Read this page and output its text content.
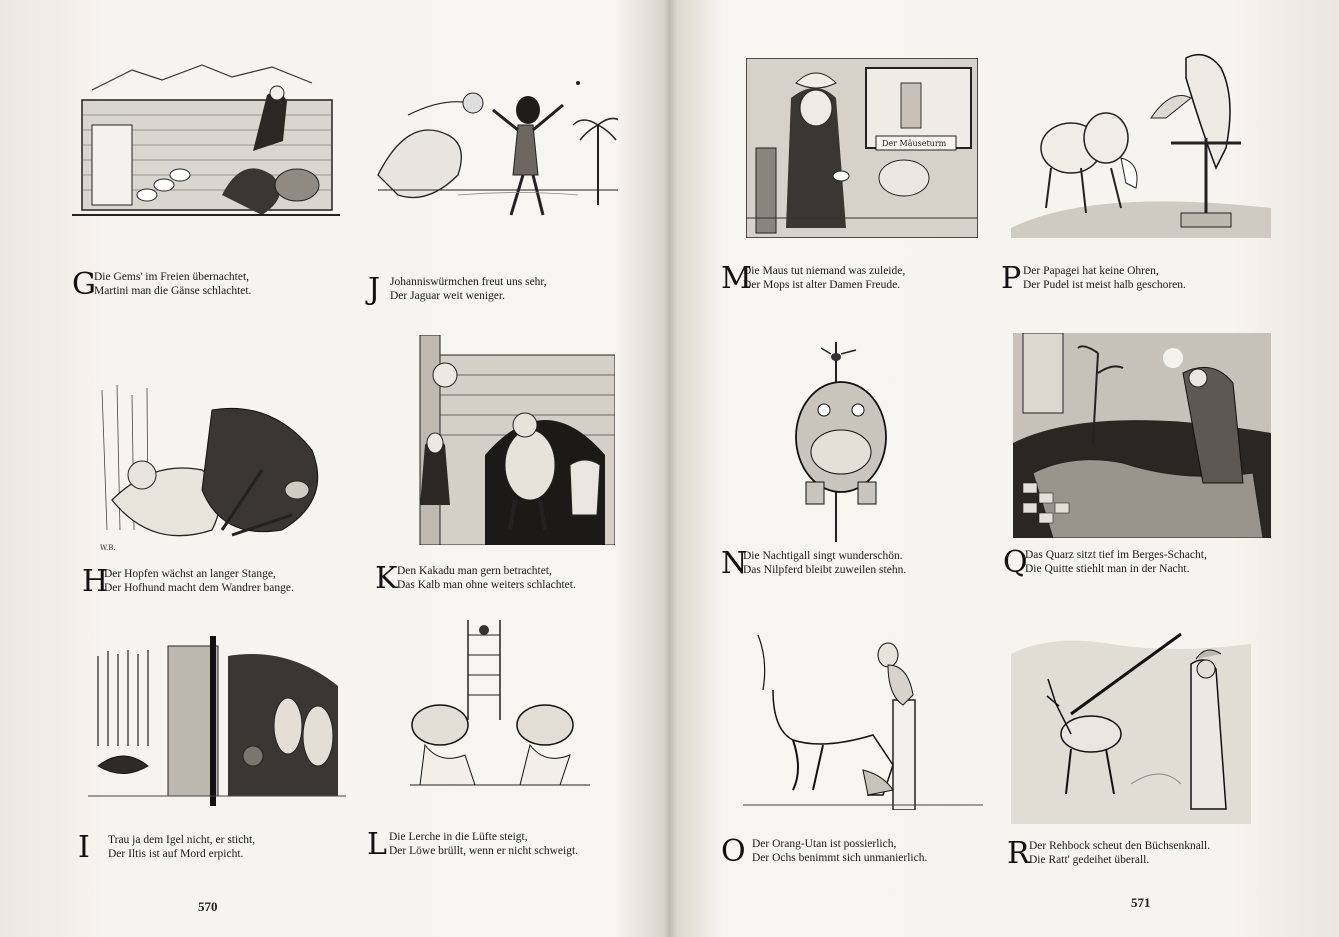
G
Die Gems' im Freien übernachtet,
Martini man die Gänse schlachtet.	J Johanniswürmchen freut uns sehr,
Der Jaguar weit weniger.
W.B.
H
Der Hopfen wächst an langer Stange,
Der Hofhund macht dem Wandrer bange.	K Den Kakadu man gern betrachtet,
Das Kalb man ohne weiters schlachtet.
I Trau ja dem Igel nicht, er sticht,
Der Iltis ist auf Mord erpicht.	L Die Lerche in die Lüfte steigt,
Der Löwe brüllt, wenn er nicht schweigt.
570
Der Mäuseturm
M
Die Maus tut niemand was zuleide,
Der Mops ist alter Damen Freude.	P Der Papagei hat keine Ohren,
Der Pudel ist meist halb geschoren.
N
Die Nachtigall singt wunderschön.
Das Nilpferd bleibt zuweilen stehn.	Q
Das Quarz sitzt tief im Berges-Schacht,
Die Quitte stiehlt man in der Nacht.
O Der Orang-Utan ist possierlich,
Der Ochs benimmt sich unmanierlich.	R Der Rehbock scheut den Büchsenknall.
Die Ratt' gedeihet überall.
571
